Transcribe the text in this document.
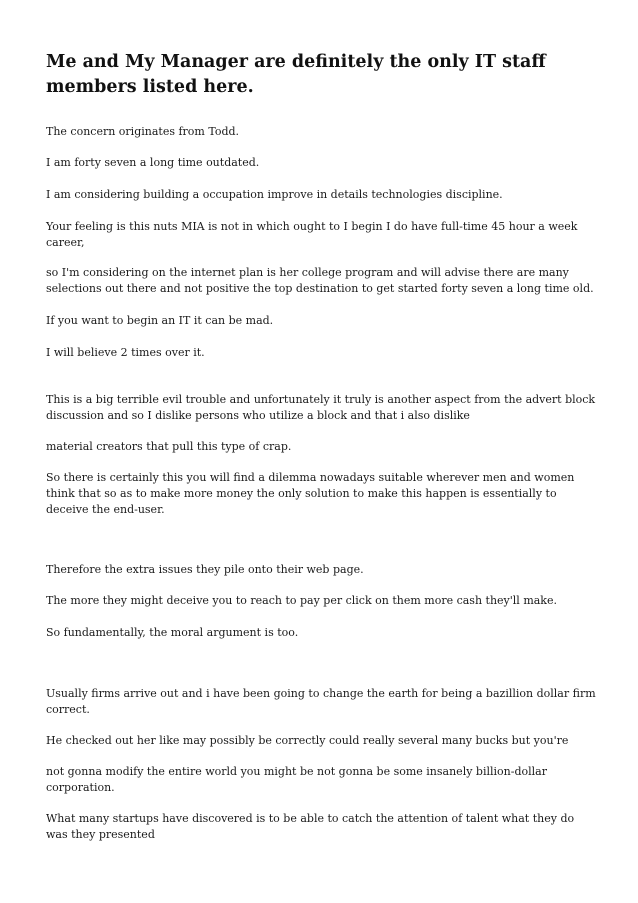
Me and My Manager are definitely the only IT staff members listed here.

The concern originates from Todd.

I am forty seven a long time outdated.

I am considering building a occupation improve in details technologies discipline.

Your feeling is this nuts MIA is not in which ought to I begin I do have full-time 45 hour a week career,

so I'm considering on the internet plan is her college program and will advise there are many selections out there and not positive the top destination to get started forty seven a long time old.

If you want to begin an IT it can be mad.

I will believe 2 times over it.

This is a big terrible evil trouble and unfortunately it truly is another aspect from the advert block discussion and so I dislike persons who utilize a block and that i also dislike

material creators that pull this type of crap.

So there is certainly this you will find a dilemma nowadays suitable wherever men and women think that so as to make more money the only solution to make this happen is essentially to deceive the end-user.

Therefore the extra issues they pile onto their web page.

The more they might deceive you to reach to pay per click on them more cash they'll make.

So fundamentally, the moral argument is too.

Usually firms arrive out and i have been going to change the earth for being a bazillion dollar firm correct.

He checked out her like may possibly be correctly could really several many bucks but you're

not gonna modify the entire world you might be not gonna be some insanely billion-dollar corporation.

What many startups have discovered is to be able to catch the attention of talent what they do was they presented
